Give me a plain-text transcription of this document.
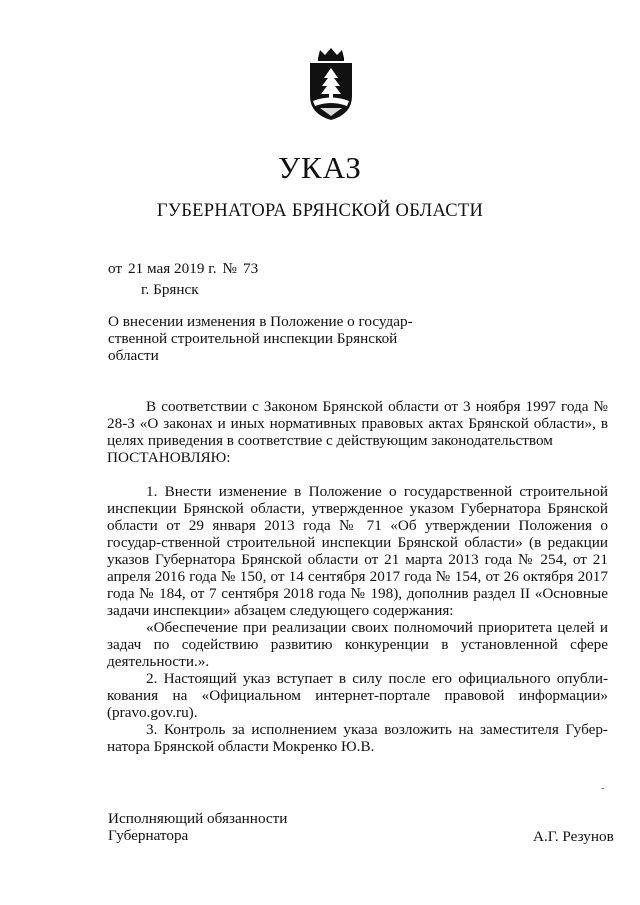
УКАЗ
ГУБЕРНАТОРА БРЯНСКОЙ ОБЛАСТИ
от 21 мая 2019 г. № 73
г. Брянск
О внесении изменения в Положение о государ-ственной строительной инспекции Брянской области

В соответствии с Законом Брянской области от 3 ноября 1997 года № 28-З «О законах и иных нормативных правовых актах Брянской области», в целях приведения в соответствие с действующим законодательством

ПОСТАНОВЛЯЮ:

1. Внести изменение в Положение о государственной строительной инспекции Брянской области, утвержденное указом Губернатора Брянской области от 29 января 2013 года № 71 «Об утверждении Положения о государ-ственной строительной инспекции Брянской области» (в редакции указов Губернатора Брянской области от 21 марта 2013 года № 254, от 21 апреля 2016 года № 150, от 14 сентября 2017 года № 154, от 26 октября 2017 года № 184, от 7 сентября 2018 года № 198), дополнив раздел II «Основные задачи инспекции» абзацем следующего содержания:

«Обеспечение при реализации своих полномочий приоритета целей и задач по содействию развитию конкуренции в установленной сфере деятельности.».

2. Настоящий указ вступает в силу после его официального опубли-кования на «Официальном интернет-портале правовой информации» (pravo.gov.ru).

3. Контроль за исполнением указа возложить на заместителя Губер-натора Брянской области Мокренко Ю.В.

Исполняющий обязанности
Губернатора	А.Г. Резунов
-
